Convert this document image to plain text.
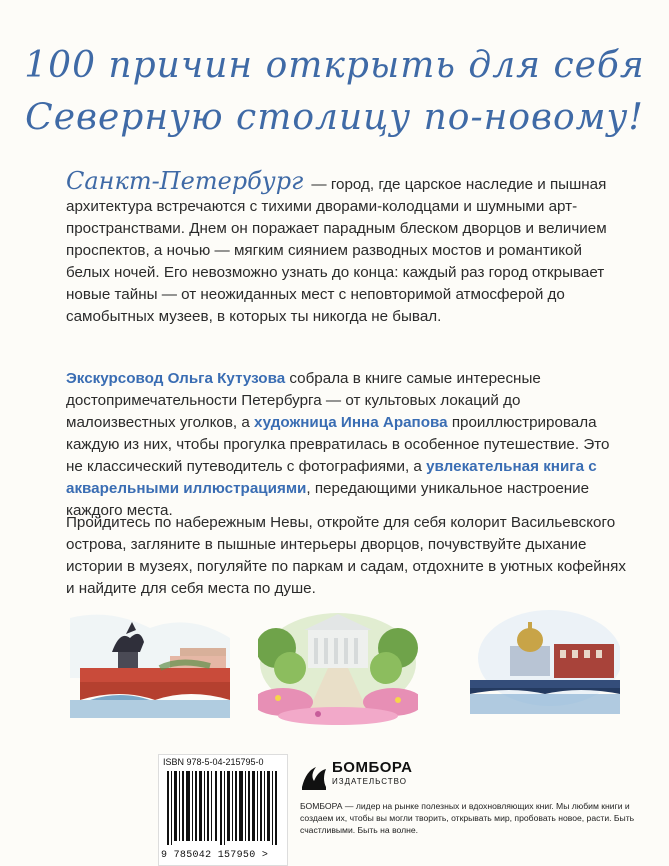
100 причин открыть для себя
Северную столицу по-новому!
Санкт-Петербург — город, где царское наследие и пышная архитектура встречаются с тихими дворами-колодцами и шумными арт-пространствами. Днем он поражает парадным блеском дворцов и величием проспектов, а ночью — мягким сиянием разводных мостов и романтикой белых ночей. Его невозможно узнать до конца: каждый раз город открывает новые тайны — от неожиданных мест с неповторимой атмосферой до самобытных музеев, в которых ты никогда не бывал.
Экскурсовод Ольга Кутузова собрала в книге самые интересные достопримечательности Петербурга — от культовых локаций до малоизвестных уголков, а художница Инна Арапова проиллюстрировала каждую из них, чтобы прогулка превратилась в особенное путешествие. Это не классический путеводитель с фотографиями, а увлекательная книга с акварельными иллюстрациями, передающими уникальное настроение каждого места.
Пройдитесь по набережным Невы, откройте для себя колорит Васильевского острова, загляните в пышные интерьеры дворцов, почувствуйте дыхание истории в музеях, погуляйте по паркам и садам, отдохните в уютных кофейнях и найдите для себя места по душе.
ISBN 978-5-04-215795-0
9 785042 157950 >
БОМБОРА
ИЗДАТЕЛЬСТВО
БОМБОРА — лидер на рынке полезных и вдохновляющих книг. Мы любим книги и создаем их, чтобы вы могли творить, открывать мир, пробовать новое, расти. Быть счастливыми. Быть на волне.
